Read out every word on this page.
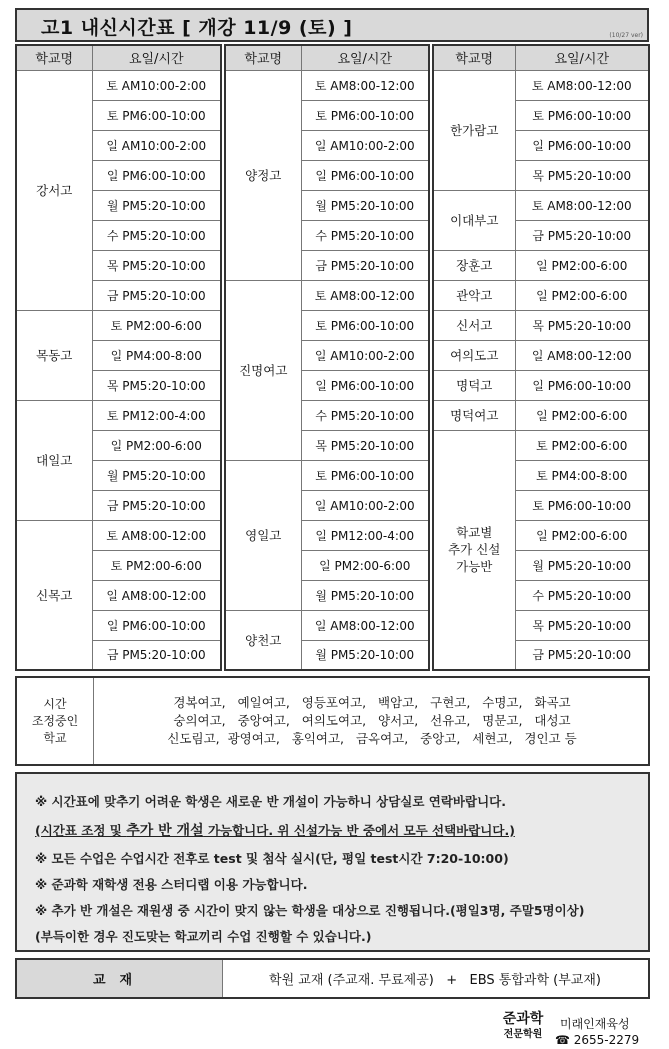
고1 내신시간표 [ 개강 11/9 (토) ]	(10/27 ver)
학교명	요일/시간
강서고	토 AM10:00-2:00
	토 PM6:00-10:00
	일 AM10:00-2:00
	일 PM6:00-10:00
	월 PM5:20-10:00
	수 PM5:20-10:00
	목 PM5:20-10:00
	금 PM5:20-10:00
목동고	토 PM2:00-6:00
	일 PM4:00-8:00
	목 PM5:20-10:00
대일고	토 PM12:00-4:00
	일 PM2:00-6:00
	월 PM5:20-10:00
	금 PM5:20-10:00
신목고	토 AM8:00-12:00
	토 PM2:00-6:00
	일 AM8:00-12:00
	일 PM6:00-10:00
	금 PM5:20-10:00
학교명	요일/시간
양정고	토 AM8:00-12:00
	토 PM6:00-10:00
	일 AM10:00-2:00
	일 PM6:00-10:00
	월 PM5:20-10:00
	수 PM5:20-10:00
	금 PM5:20-10:00
진명여고	토 AM8:00-12:00
	토 PM6:00-10:00
	일 AM10:00-2:00
	일 PM6:00-10:00
	수 PM5:20-10:00
	목 PM5:20-10:00
영일고	토 PM6:00-10:00
	일 AM10:00-2:00
	일 PM12:00-4:00
	일 PM2:00-6:00
	월 PM5:20-10:00
양천고	일 AM8:00-12:00
	월 PM5:20-10:00
학교명	요일/시간
한가람고	토 AM8:00-12:00
	토 PM6:00-10:00
	일 PM6:00-10:00
	목 PM5:20-10:00
이대부고	토 AM8:00-12:00
	금 PM5:20-10:00
장훈고	일 PM2:00-6:00
관악고	일 PM2:00-6:00
신서고	목 PM5:20-10:00
여의도고	일 AM8:00-12:00
명덕고	일 PM6:00-10:00
명덕여고	일 PM2:00-6:00
학교별
추가 신설
가능반	토 PM2:00-6:00
	토 PM4:00-8:00
	토 PM6:00-10:00
	일 PM2:00-6:00
	월 PM5:20-10:00
	수 PM5:20-10:00
	목 PM5:20-10:00
	금 PM5:20-10:00
시간
조정중인
학교
경복여고,   예일여고,   영등포여고,   백암고,   구현고,   수명고,   화곡고
숭의여고,   중앙여고,   여의도여고,   양서고,   선유고,   명문고,   대성고
신도림고,  광영여고,   홍익여고,   금옥여고,   중앙고,   세현고,   경인고 등
※ 시간표에 맞추기 어려운 학생은 새로운 반 개설이 가능하니 상담실로 연락바랍니다.
(시간표 조정 및 추가 반 개설 가능합니다. 위 신설가능 반 중에서 모두 선택바랍니다.)
※ 모든 수업은 수업시간 전후로 test 및 첨삭 실시(단, 평일 test시간 7:20-10:00)
※ 준과학 재학생 전용 스터디랩 이용 가능합니다.
※ 추가 반 개설은 재원생 중 시간이 맞지 않는 학생을 대상으로 진행됩니다.(평일3명, 주말5명이상)
(부득이한 경우 진도맞는 학교끼리 수업 진행할 수 있습니다.)
교재	학원 교재 (주교재. 무료제공)   +   EBS 통합과학 (부교재)
준과학
전문학원
미래인재육성
☎ 2655-2279
